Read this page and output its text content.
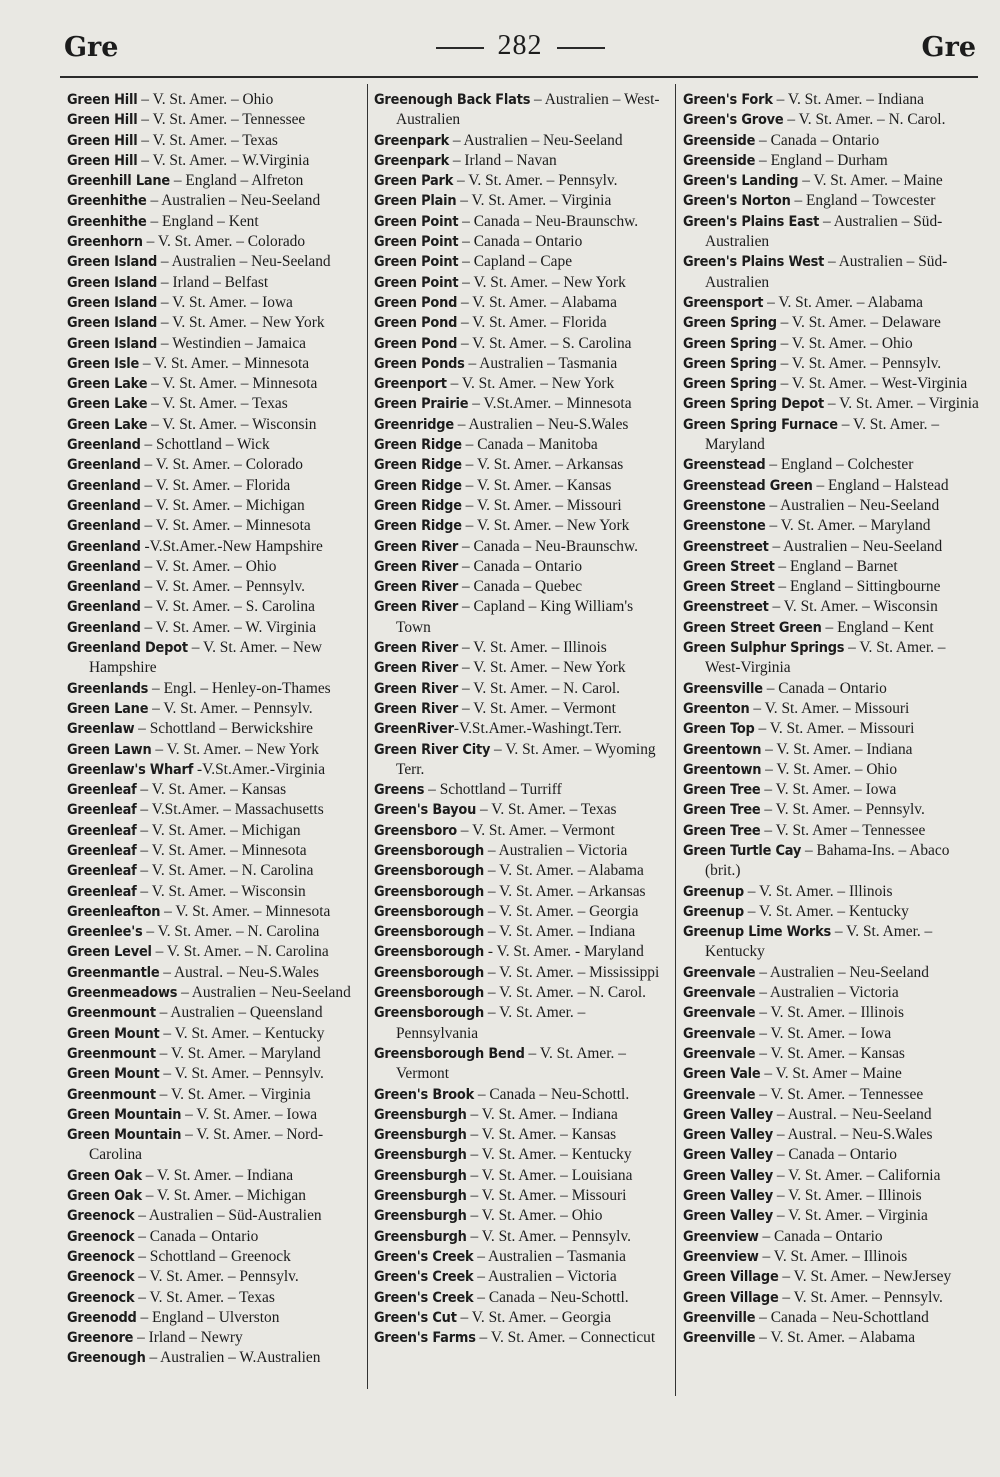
Gre	282	Gre
Green Hill – V. St. Amer. – Ohio
Green Hill – V. St. Amer. – Tennessee
Green Hill – V. St. Amer. – Texas
Green Hill – V. St. Amer. – W.Virginia
Greenhill Lane – England – Alfreton
Greenhithe – Australien – Neu-Seeland
Greenhithe – England – Kent
Greenhorn – V. St. Amer. – Colorado
Green Island – Australien – Neu-Seeland
Green Island – Irland – Belfast
Green Island – V. St. Amer. – Iowa
Green Island – V. St. Amer. – New York
Green Island – Westindien – Jamaica
Green Isle – V. St. Amer. – Minnesota
Green Lake – V. St. Amer. – Minnesota
Green Lake – V. St. Amer. – Texas
Green Lake – V. St. Amer. – Wisconsin
Greenland – Schottland – Wick
Greenland – V. St. Amer. – Colorado
Greenland – V. St. Amer. – Florida
Greenland – V. St. Amer. – Michigan
Greenland – V. St. Amer. – Minnesota
Greenland -V.St.Amer.-New Hampshire
Greenland – V. St. Amer. – Ohio
Greenland – V. St. Amer. – Pennsylv.
Greenland – V. St. Amer. – S. Carolina
Greenland – V. St. Amer. – W. Virginia
Greenland Depot – V. St. Amer. – New Hampshire
Greenlands – Engl. – Henley-on-Thames
Green Lane – V. St. Amer. – Pennsylv.
Greenlaw – Schottland – Berwickshire
Green Lawn – V. St. Amer. – New York
Greenlaw's Wharf -V.St.Amer.-Virginia
Greenleaf – V. St. Amer. – Kansas
Greenleaf – V.St.Amer. – Massachusetts
Greenleaf – V. St. Amer. – Michigan
Greenleaf – V. St. Amer. – Minnesota
Greenleaf – V. St. Amer. – N. Carolina
Greenleaf – V. St. Amer. – Wisconsin
Greenleafton – V. St. Amer. – Minnesota
Greenlee's – V. St. Amer. – N. Carolina
Green Level – V. St. Amer. – N. Carolina
Greenmantle – Austral. – Neu-S.Wales
Greenmeadows – Australien – Neu-Seeland
Greenmount – Australien – Queensland
Green Mount – V. St. Amer. – Kentucky
Greenmount – V. St. Amer. – Maryland
Green Mount – V. St. Amer. – Pennsylv.
Greenmount – V. St. Amer. – Virginia
Green Mountain – V. St. Amer. – Iowa
Green Mountain – V. St. Amer. – Nord-Carolina
Green Oak – V. St. Amer. – Indiana
Green Oak – V. St. Amer. – Michigan
Greenock – Australien – Süd-Australien
Greenock – Canada – Ontario
Greenock – Schottland – Greenock
Greenock – V. St. Amer. – Pennsylv.
Greenock – V. St. Amer. – Texas
Greenodd – England – Ulverston
Greenore – Irland – Newry
Greenough – Australien – W.Australien
Greenough Back Flats – Australien – West-Australien
Greenpark – Australien – Neu-Seeland
Greenpark – Irland – Navan
Green Park – V. St. Amer. – Pennsylv.
Green Plain – V. St. Amer. – Virginia
Green Point – Canada – Neu-Braunschw.
Green Point – Canada – Ontario
Green Point – Capland – Cape
Green Point – V. St. Amer. – New York
Green Pond – V. St. Amer. – Alabama
Green Pond – V. St. Amer. – Florida
Green Pond – V. St. Amer. – S. Carolina
Green Ponds – Australien – Tasmania
Greenport – V. St. Amer. – New York
Green Prairie – V.St.Amer. – Minnesota
Greenridge – Australien – Neu-S.Wales
Green Ridge – Canada – Manitoba
Green Ridge – V. St. Amer. – Arkansas
Green Ridge – V. St. Amer. – Kansas
Green Ridge – V. St. Amer. – Missouri
Green Ridge – V. St. Amer. – New York
Green River – Canada – Neu-Braunschw.
Green River – Canada – Ontario
Green River – Canada – Quebec
Green River – Capland – King William's Town
Green River – V. St. Amer. – Illinois
Green River – V. St. Amer. – New York
Green River – V. St. Amer. – N. Carol.
Green River – V. St. Amer. – Vermont
GreenRiver-V.St.Amer.-Washingt.Terr.
Green River City – V. St. Amer. – Wyoming Terr.
Greens – Schottland – Turriff
Green's Bayou – V. St. Amer. – Texas
Greensboro – V. St. Amer. – Vermont
Greensborough – Australien – Victoria
Greensborough – V. St. Amer. – Alabama
Greensborough – V. St. Amer. – Arkansas
Greensborough – V. St. Amer. – Georgia
Greensborough – V. St. Amer. – Indiana
Greensborough - V. St. Amer. - Maryland
Greensborough – V. St. Amer. – Mississippi
Greensborough – V. St. Amer. – N. Carol.
Greensborough – V. St. Amer. – Pennsylvania
Greensborough Bend – V. St. Amer. – Vermont
Green's Brook – Canada – Neu-Schottl.
Greensburgh – V. St. Amer. – Indiana
Greensburgh – V. St. Amer. – Kansas
Greensburgh – V. St. Amer. – Kentucky
Greensburgh – V. St. Amer. – Louisiana
Greensburgh – V. St. Amer. – Missouri
Greensburgh – V. St. Amer. – Ohio
Greensburgh – V. St. Amer. – Pennsylv.
Green's Creek – Australien – Tasmania
Green's Creek – Australien – Victoria
Green's Creek – Canada – Neu-Schottl.
Green's Cut – V. St. Amer. – Georgia
Green's Farms – V. St. Amer. – Connecticut
Green's Fork – V. St. Amer. – Indiana
Green's Grove – V. St. Amer. – N. Carol.
Greenside – Canada – Ontario
Greenside – England – Durham
Green's Landing – V. St. Amer. – Maine
Green's Norton – England – Towcester
Green's Plains East – Australien – Süd-Australien
Green's Plains West – Australien – Süd-Australien
Greensport – V. St. Amer. – Alabama
Green Spring – V. St. Amer. – Delaware
Green Spring – V. St. Amer. – Ohio
Green Spring – V. St. Amer. – Pennsylv.
Green Spring – V. St. Amer. – West-Virginia
Green Spring Depot – V. St. Amer. – Virginia
Green Spring Furnace – V. St. Amer. – Maryland
Greenstead – England – Colchester
Greenstead Green – England – Halstead
Greenstone – Australien – Neu-Seeland
Greenstone – V. St. Amer. – Maryland
Greenstreet – Australien – Neu-Seeland
Green Street – England – Barnet
Green Street – England – Sittingbourne
Greenstreet – V. St. Amer. – Wisconsin
Green Street Green – England – Kent
Green Sulphur Springs – V. St. Amer. – West-Virginia
Greensville – Canada – Ontario
Greenton – V. St. Amer. – Missouri
Green Top – V. St. Amer. – Missouri
Greentown – V. St. Amer. – Indiana
Greentown – V. St. Amer. – Ohio
Green Tree – V. St. Amer. – Iowa
Green Tree – V. St. Amer. – Pennsylv.
Green Tree – V. St. Amer – Tennessee
Green Turtle Cay – Bahama-Ins. – Abaco (brit.)
Greenup – V. St. Amer. – Illinois
Greenup – V. St. Amer. – Kentucky
Greenup Lime Works – V. St. Amer. – Kentucky
Greenvale – Australien – Neu-Seeland
Greenvale – Australien – Victoria
Greenvale – V. St. Amer. – Illinois
Greenvale – V. St. Amer. – Iowa
Greenvale – V. St. Amer. – Kansas
Green Vale – V. St. Amer – Maine
Greenvale – V. St. Amer. – Tennessee
Green Valley – Austral. – Neu-Seeland
Green Valley – Austral. – Neu-S.Wales
Green Valley – Canada – Ontario
Green Valley – V. St. Amer. – California
Green Valley – V. St. Amer. – Illinois
Green Valley – V. St. Amer. – Virginia
Greenview – Canada – Ontario
Greenview – V. St. Amer. – Illinois
Green Village – V. St. Amer. – NewJersey
Green Village – V. St. Amer. – Pennsylv.
Greenville – Canada – Neu-Schottland
Greenville – V. St. Amer. – Alabama
